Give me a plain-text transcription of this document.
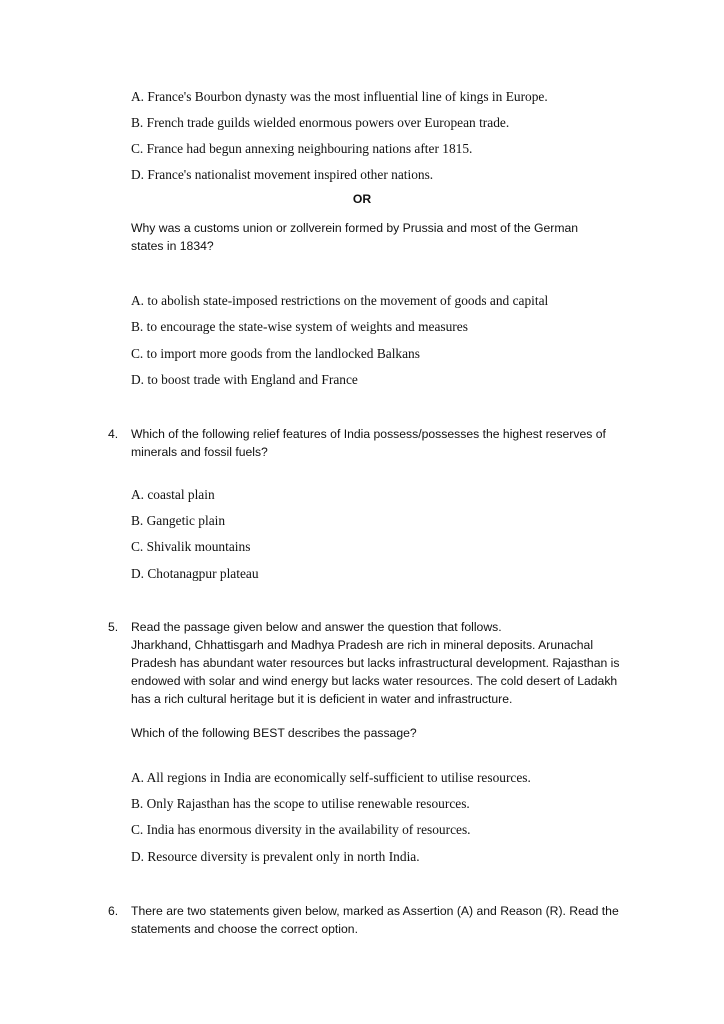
A. France's Bourbon dynasty was the most influential line of kings in Europe.
B. French trade guilds wielded enormous powers over European trade.
C. France had begun annexing neighbouring nations after 1815.
D. France's nationalist movement inspired other nations.
OR
Why was a customs union or zollverein formed by Prussia and most of the German
states in 1834?
A. to abolish state-imposed restrictions on the movement of goods and capital
B. to encourage the state-wise system of weights and measures
C. to import more goods from the landlocked Balkans
D. to boost trade with England and France
4. Which of the following relief features of India possess/possesses the highest reserves of
minerals and fossil fuels?
A. coastal plain
B. Gangetic plain
C. Shivalik mountains
D. Chotanagpur plateau
5. Read the passage given below and answer the question that follows.
Jharkhand, Chhattisgarh and Madhya Pradesh are rich in mineral deposits. Arunachal
Pradesh has abundant water resources but lacks infrastructural development. Rajasthan is
endowed with solar and wind energy but lacks water resources. The cold desert of Ladakh
has a rich cultural heritage but it is deficient in water and infrastructure.
Which of the following BEST describes the passage?
A. All regions in India are economically self-sufficient to utilise resources.
B. Only Rajasthan has the scope to utilise renewable resources.
C. India has enormous diversity in the availability of resources.
D. Resource diversity is prevalent only in north India.
6. There are two statements given below, marked as Assertion (A) and Reason (R). Read the
statements and choose the correct option.
